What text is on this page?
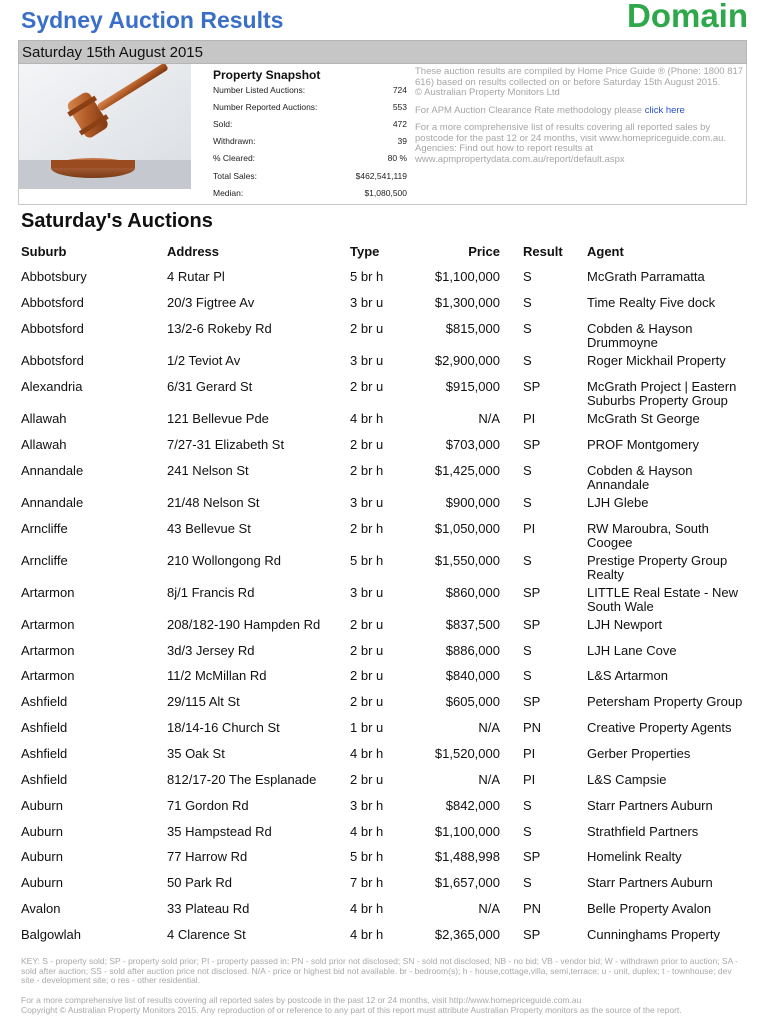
Sydney Auction Results	Domain
Saturday 15th August 2015
Property Snapshot
Number Listed Auctions:	724
Number Reported Auctions:	553
Sold:	472
Withdrawn:	39
% Cleared:	80 %
Total Sales:	$462,541,119
Median:	$1,080,500

These auction results are compiled by Home Price Guide ® (Phone: 1800 817 616) based on results collected on or before Saturday 15th August 2015.
© Australian Property Monitors Ltd

For APM Auction Clearance Rate methodology please click here

For a more comprehensive list of results covering all reported sales by postcode for the past 12 or 24 months, visit www.homepriceguide.com.au.
Agencies: Find out how to report results at www.apmpropertydata.com.au/report/default.aspx

Saturday's Auctions
Suburb	Address	Type	Price Result Agent
Abbotsbury	4 Rutar Pl	5 br h	$1,100,000 S	McGrath Parramatta
Abbotsford	20/3 Figtree Av	3 br u	$1,300,000 S	Time Realty Five dock
Abbotsford	13/2-6 Rokeby Rd	2 br u	$815,000 S	Cobden & Hayson Drummoyne
Abbotsford	1/2 Teviot Av	3 br u	$2,900,000 S	Roger Mickhail Property
Alexandria	6/31 Gerard St	2 br u	$915,000 SP	McGrath Project | Eastern Suburbs Property Group
Allawah	121 Bellevue Pde	4 br h	N/A PI	McGrath St George
Allawah	7/27-31 Elizabeth St	2 br u	$703,000 SP	PROF Montgomery
Annandale	241 Nelson St	2 br h	$1,425,000 S	Cobden & Hayson Annandale
Annandale	21/48 Nelson St	3 br u	$900,000 S	LJH Glebe
Arncliffe	43 Bellevue St	2 br h	$1,050,000 PI	RW Maroubra, South Coogee
Arncliffe	210 Wollongong Rd	5 br h	$1,550,000 S	Prestige Property Group Realty
Artarmon	8j/1 Francis Rd	3 br u	$860,000 SP	LITTLE Real Estate - New South Wale
Artarmon	208/182-190 Hampden Rd 2 br u	$837,500 SP	LJH Newport
Artarmon	3d/3 Jersey Rd	2 br u	$886,000 S	LJH Lane Cove
Artarmon	11/2 McMillan Rd	2 br u	$840,000 S	L&S Artarmon
Ashfield	29/115 Alt St	2 br u	$605,000 SP	Petersham Property Group
Ashfield	18/14-16 Church St	1 br u	N/A PN	Creative Property Agents
Ashfield	35 Oak St	4 br h	$1,520,000 PI	Gerber Properties
Ashfield	812/17-20 The Esplanade	2 br u	N/A PI	L&S Campsie
Auburn	71 Gordon Rd	3 br h	$842,000 S	Starr Partners Auburn
Auburn	35 Hampstead Rd	4 br h	$1,100,000 S	Strathfield Partners
Auburn	77 Harrow Rd	5 br h	$1,488,998 SP	Homelink Realty
Auburn	50 Park Rd	7 br h	$1,657,000 S	Starr Partners Auburn
Avalon	33 Plateau Rd	4 br h	N/A PN	Belle Property Avalon
Balgowlah	4 Clarence St	4 br h	$2,365,000 SP	Cunninghams Property
KEY: S - property sold; SP - property sold prior; PI - property passed in; PN - sold prior not disclosed; SN - sold not disclosed; NB - no bid; VB - vendor bid; W - withdrawn prior to auction; SA - sold after auction; SS - sold after auction price not disclosed. N/A - price or highest bid not available. br - bedroom(s); h - house,cottage,villa, semi,terrace; u - unit, duplex; t - townhouse; dev site - development site; o res - other residential.
For a more comprehensive list of results covering all reported sales by postcode in the past 12 or 24 months, visit http://www.homepriceguide.com.au
Copyright © Australian Property Monitors 2015. Any reproduction of or reference to any part of this report must attribute Australian Property monitors as the source of the report.
